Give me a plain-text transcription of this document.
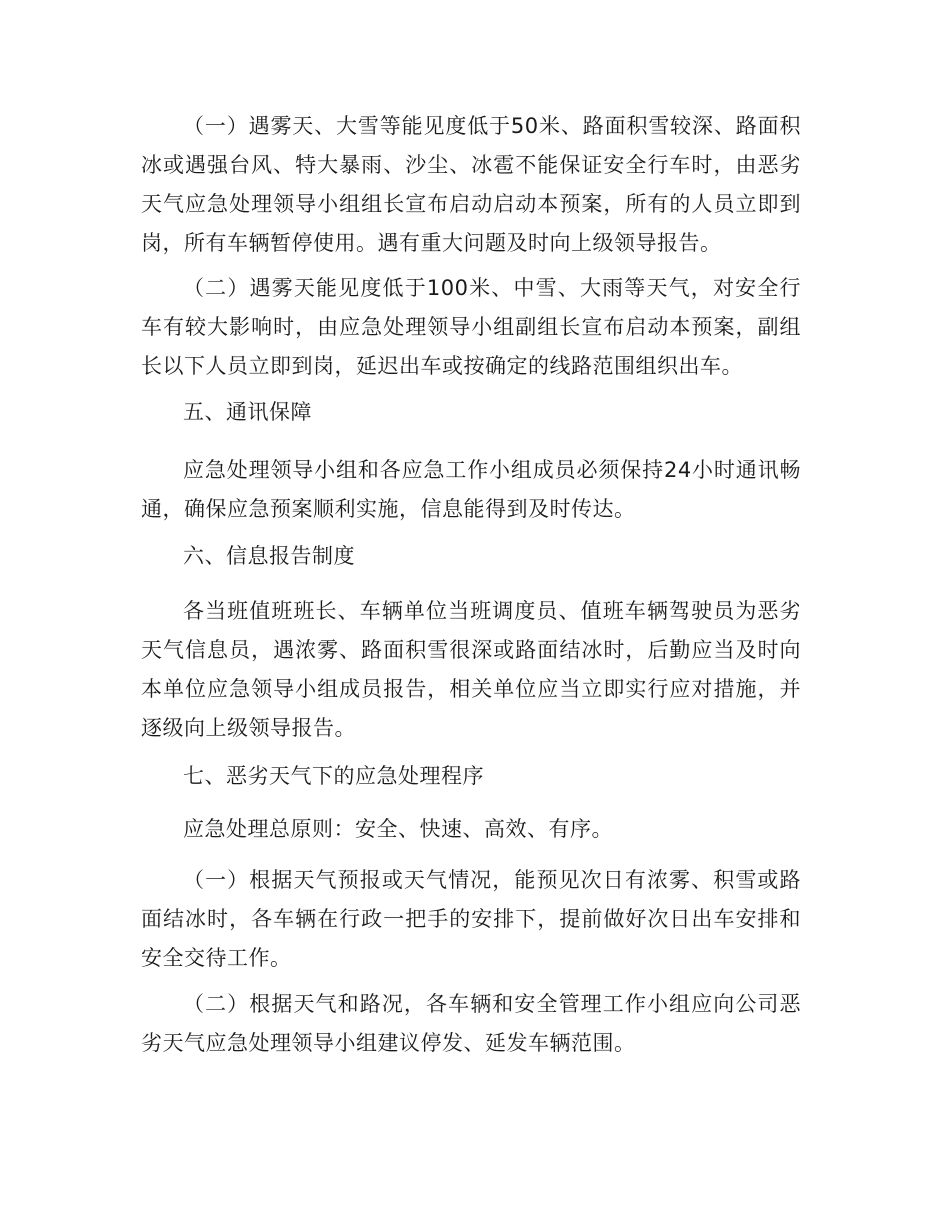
（一）遇雾天、大雪等能见度低于50米、路面积雪较深、路面积
冰或遇强台风、特大暴雨、沙尘、冰雹不能保证安全行车时，由恶劣
天气应急处理领导小组组长宣布启动启动本预案，所有的人员立即到
岗，所有车辆暂停使用。遇有重大问题及时向上级领导报告。
（二）遇雾天能见度低于100米、中雪、大雨等天气，对安全行
车有较大影响时，由应急处理领导小组副组长宣布启动本预案，副组
长以下人员立即到岗，延迟出车或按确定的线路范围组织出车。
五、通讯保障
应急处理领导小组和各应急工作小组成员必须保持24小时通讯畅
通，确保应急预案顺利实施，信息能得到及时传达。
六、信息报告制度
各当班值班班长、车辆单位当班调度员、值班车辆驾驶员为恶劣
天气信息员，遇浓雾、路面积雪很深或路面结冰时，后勤应当及时向
本单位应急领导小组成员报告，相关单位应当立即实行应对措施，并
逐级向上级领导报告。
七、恶劣天气下的应急处理程序
应急处理总原则：安全、快速、高效、有序。
（一）根据天气预报或天气情况，能预见次日有浓雾、积雪或路
面结冰时，各车辆在行政一把手的安排下，提前做好次日出车安排和
安全交待工作。
（二）根据天气和路况，各车辆和安全管理工作小组应向公司恶
劣天气应急处理领导小组建议停发、延发车辆范围。
